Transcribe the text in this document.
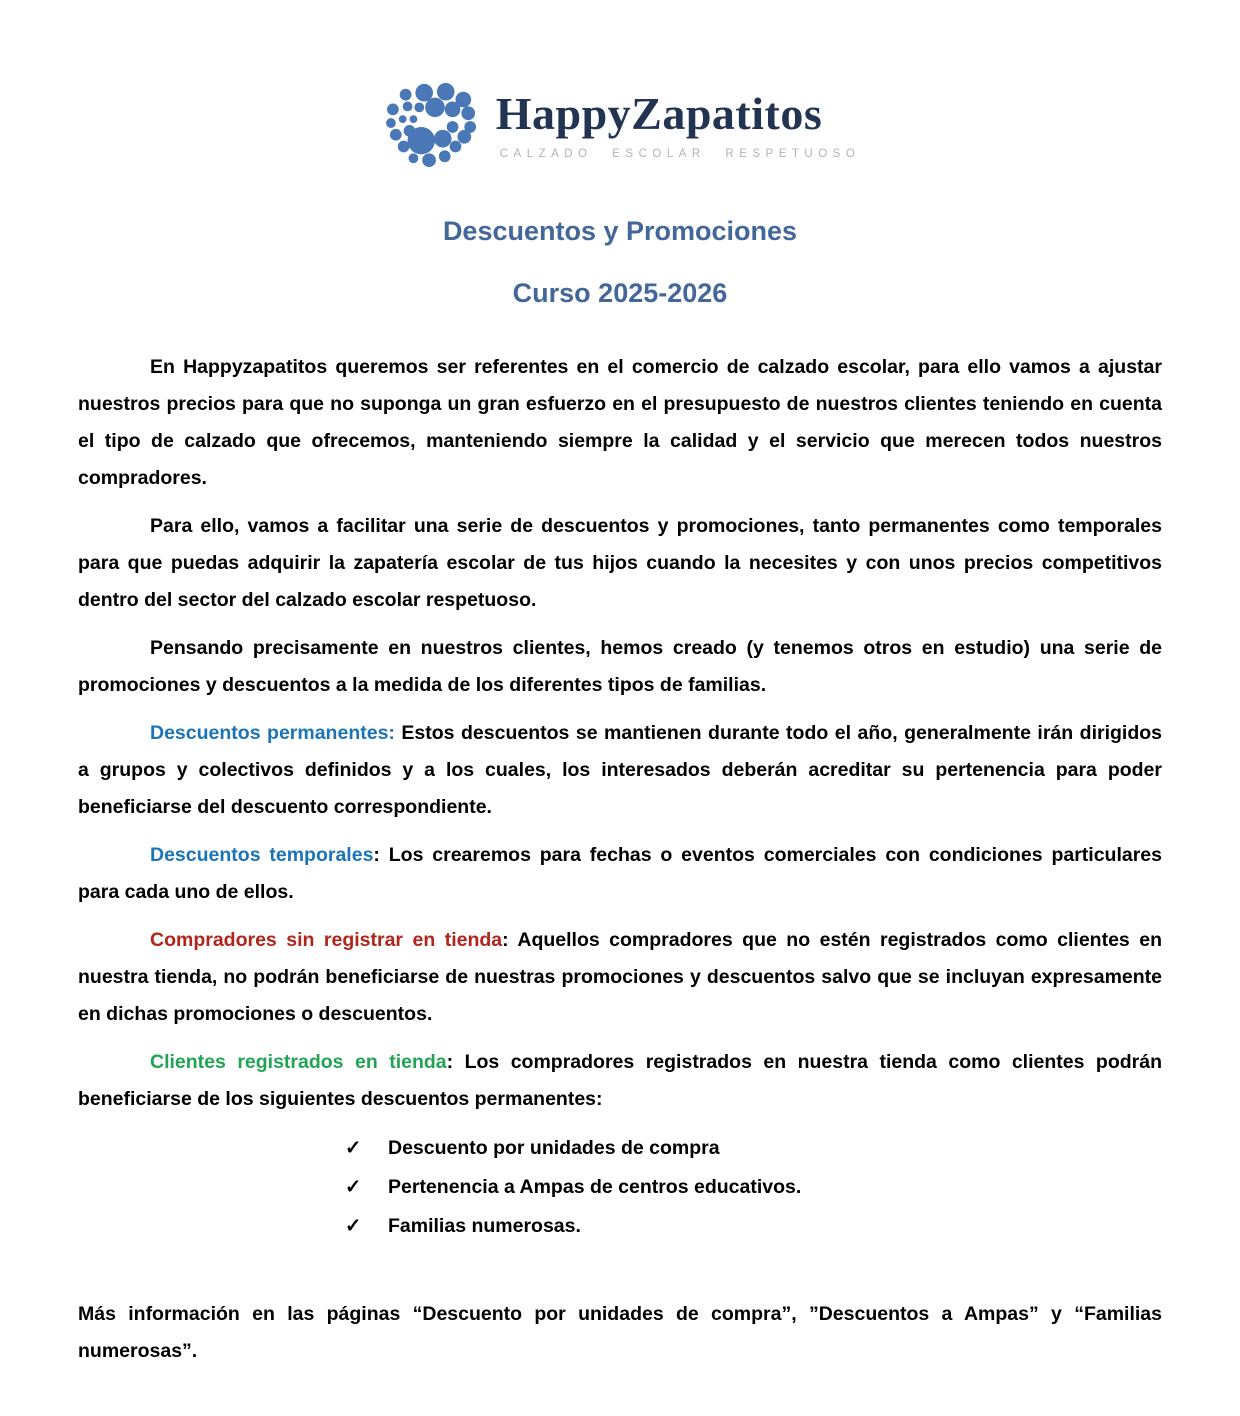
HappyZapatitos
CALZADO ESCOLAR RESPETUOSO
Descuentos y Promociones
Curso 2025-2026

En Happyzapatitos queremos ser referentes en el comercio de calzado escolar, para ello vamos a ajustar nuestros precios para que no suponga un gran esfuerzo en el presupuesto de nuestros clientes teniendo en cuenta el tipo de calzado que ofrecemos, manteniendo siempre la calidad y el servicio que merecen todos nuestros compradores.

Para ello, vamos a facilitar una serie de descuentos y promociones, tanto permanentes como temporales para que puedas adquirir la zapatería escolar de tus hijos cuando la necesites y con unos precios competitivos dentro del sector del calzado escolar respetuoso.

Pensando precisamente en nuestros clientes, hemos creado (y tenemos otros en estudio) una serie de promociones y descuentos a la medida de los diferentes tipos de familias.

Descuentos permanentes: Estos descuentos se mantienen durante todo el año, generalmente irán dirigidos a grupos y colectivos definidos y a los cuales, los interesados deberán acreditar su pertenencia para poder beneficiarse del descuento correspondiente.

Descuentos temporales: Los crearemos para fechas o eventos comerciales con condiciones particulares para cada uno de ellos.

Compradores sin registrar en tienda: Aquellos compradores que no estén registrados como clientes en nuestra tienda, no podrán beneficiarse de nuestras promociones y descuentos salvo que se incluyan expresamente en dichas promociones o descuentos.

Clientes registrados en tienda: Los compradores registrados en nuestra tienda como clientes podrán beneficiarse de los siguientes descuentos permanentes:

✓	Descuento por unidades de compra
✓	Pertenencia a Ampas de centros educativos.
✓	Familias numerosas.

Más información en las páginas “Descuento por unidades de compra”, ”Descuentos a Ampas” y “Familias numerosas”.
